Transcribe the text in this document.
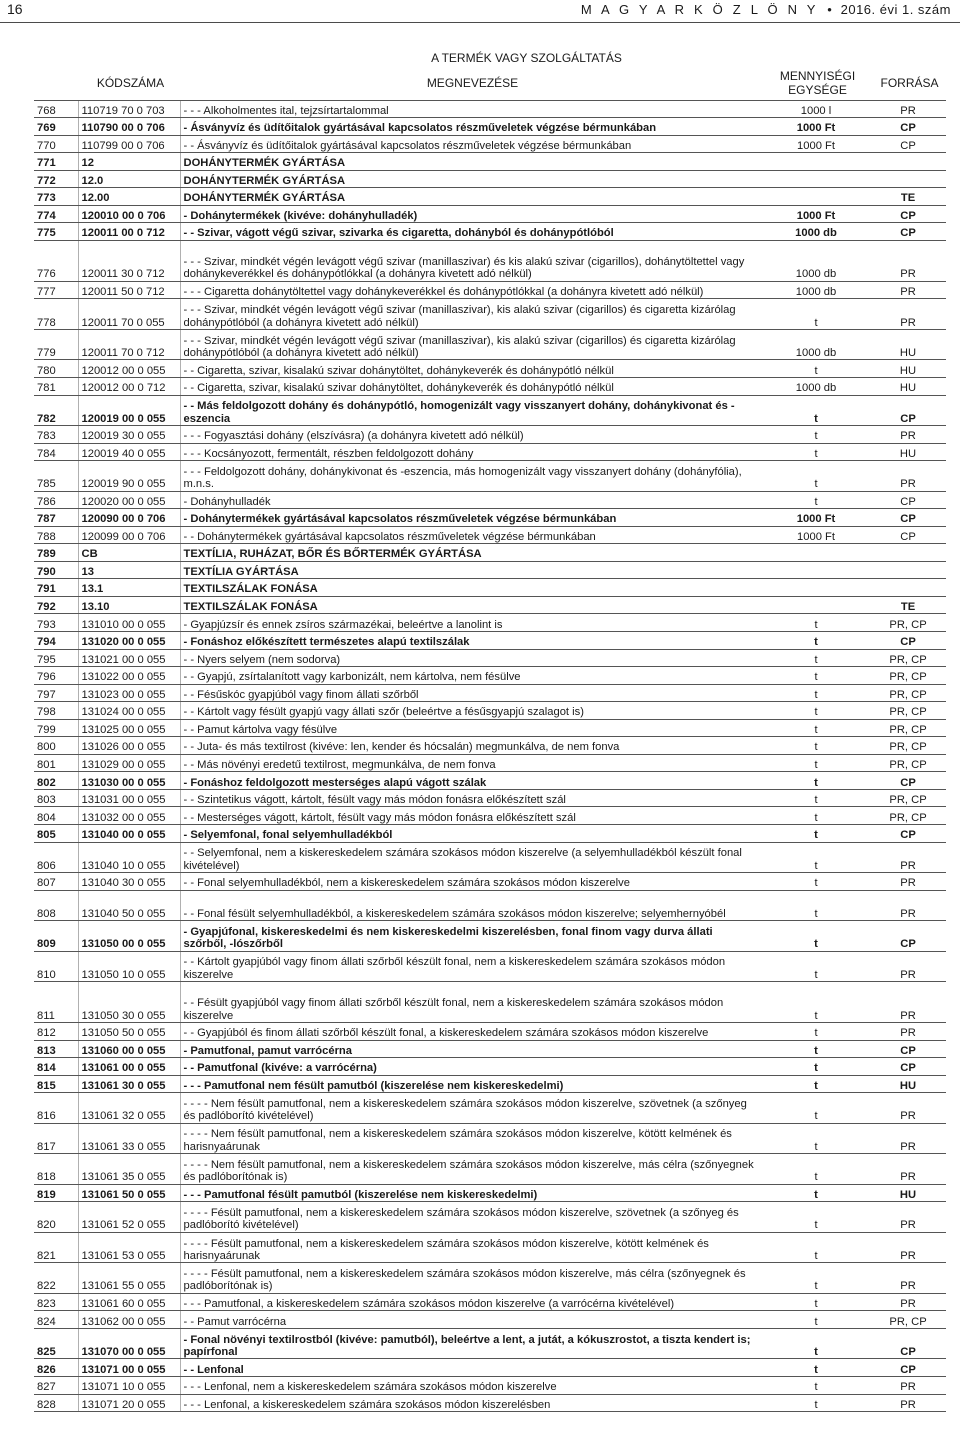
16	M A G Y A R K Ö Z L Ö N Y • 2016. évi 1. szám
		A TERMÉK VAGY SZOLGÁLTATÁS		
	KÓDSZÁMA	MEGNEVEZÉSE	MENNYISÉGI EGYSÉGE	FORRÁSA
768	110719 70 0 703	- - - Alkoholmentes ital, tejzsírtartalommal	1000 l	PR
769	110790 00 0 706	- Ásványvíz és üdítőitalok gyártásával kapcsolatos részműveletek végzése bérmunkában	1000 Ft	CP
770	110799 00 0 706	- - Ásványvíz és üdítőitalok gyártásával kapcsolatos részműveletek végzése bérmunkában	1000 Ft	CP
771	12	DOHÁNYTERMÉK GYÁRTÁSA		
772	12.0	DOHÁNYTERMÉK GYÁRTÁSA		
773	12.00	DOHÁNYTERMÉK GYÁRTÁSA		TE
774	120010 00 0 706	- Dohánytermékek (kivéve: dohányhulladék)	1000 Ft	CP
775	120011 00 0 712	- - Szivar, vágott végű szivar, szivarka és cigaretta, dohányból és dohánypótlóból	1000 db	CP
776	120011 30 0 712	- - - Szivar, mindkét végén levágott végű szivar (manillaszivar) és kis alakú szivar (cigarillos), dohánytöltettel vagy dohánykeverékkel és dohánypótlókkal (a dohányra kivetett adó nélkül)	1000 db	PR
777	120011 50 0 712	- - - Cigaretta dohánytöltettel vagy dohánykeverékkel és dohánypótlókkal (a dohányra kivetett adó nélkül)	1000 db	PR
778	120011 70 0 055	- - - Szivar, mindkét végén levágott végű szivar (manillaszivar), kis alakú szivar (cigarillos) és cigaretta kizárólag dohánypótlóból (a dohányra kivetett adó nélkül)	t	PR
779	120011 70 0 712	- - - Szivar, mindkét végén levágott végű szivar (manillaszivar), kis alakú szivar (cigarillos) és cigaretta kizárólag dohánypótlóból (a dohányra kivetett adó nélkül)	1000 db	HU
780	120012 00 0 055	- - Cigaretta, szivar, kisalakú szivar dohánytöltet, dohánykeverék és dohánypótló nélkül	t	HU
781	120012 00 0 712	- - Cigaretta, szivar, kisalakú szivar dohánytöltet, dohánykeverék és dohánypótló nélkül	1000 db	HU
782	120019 00 0 055	- - Más feldolgozott dohány és dohánypótló, homogenizált vagy visszanyert dohány, dohánykivonat és -eszencia	t	CP
783	120019 30 0 055	- - - Fogyasztási dohány (elszívásra) (a dohányra kivetett adó nélkül)	t	PR
784	120019 40 0 055	- - - Kocsányozott, fermentált, részben feldolgozott dohány	t	HU
785	120019 90 0 055	- - - Feldolgozott dohány, dohánykivonat és -eszencia, más homogenizált vagy visszanyert dohány (dohányfólia), m.n.s.	t	PR
786	120020 00 0 055	- Dohányhulladék	t	CP
787	120090 00 0 706	- Dohánytermékek gyártásával kapcsolatos részműveletek végzése bérmunkában	1000 Ft	CP
788	120099 00 0 706	- - Dohánytermékek gyártásával kapcsolatos részműveletek végzése bérmunkában	1000 Ft	CP
789	CB	TEXTÍLIA, RUHÁZAT, BŐR ÉS BŐRTERMÉK GYÁRTÁSA		
790	13	TEXTÍLIA GYÁRTÁSA		
791	13.1	TEXTILSZÁLAK FONÁSA		
792	13.10	TEXTILSZÁLAK FONÁSA		TE
793	131010 00 0 055	- Gyapjúzsír és ennek zsíros származékai, beleértve a lanolint is	t	PR, CP
794	131020 00 0 055	- Fonáshoz előkészített természetes alapú textilszálak	t	CP
795	131021 00 0 055	- - Nyers selyem (nem sodorva)	t	PR, CP
796	131022 00 0 055	- - Gyapjú, zsírtalanított vagy karbonizált, nem kártolva, nem fésülve	t	PR, CP
797	131023 00 0 055	- - Fésűskóc gyapjúból vagy finom állati szőrből	t	PR, CP
798	131024 00 0 055	- - Kártolt vagy fésült gyapjú vagy állati szőr (beleértve a fésűsgyapjú szalagot is)	t	PR, CP
799	131025 00 0 055	- - Pamut kártolva vagy fésülve	t	PR, CP
800	131026 00 0 055	- - Juta- és más textilrost (kivéve: len, kender és hócsalán) megmunkálva, de nem fonva	t	PR, CP
801	131029 00 0 055	- - Más növényi eredetű textilrost, megmunkálva, de nem fonva	t	PR, CP
802	131030 00 0 055	- Fonáshoz feldolgozott mesterséges alapú vágott szálak	t	CP
803	131031 00 0 055	- - Szintetikus vágott, kártolt, fésült vagy más módon fonásra előkészített szál	t	PR, CP
804	131032 00 0 055	- - Mesterséges vágott, kártolt, fésült vagy más módon fonásra előkészített szál	t	PR, CP
805	131040 00 0 055	- Selyemfonal, fonal selyemhulladékból	t	CP
806	131040 10 0 055	- - Selyemfonal, nem a kiskereskedelem számára szokásos módon kiszerelve (a selyemhulladékból készült fonal kivételével)	t	PR
807	131040 30 0 055	- - Fonal selyemhulladékból, nem a kiskereskedelem számára szokásos módon kiszerelve	t	PR
808	131040 50 0 055	- - Fonal fésült selyemhulladékból, a kiskereskedelem számára szokásos módon kiszerelve; selyemhernyóbél	t	PR
809	131050 00 0 055	- Gyapjúfonal, kiskereskedelmi és nem kiskereskedelmi kiszerelésben, fonal finom vagy durva állati szőrből, -lószőrből	t	CP
810	131050 10 0 055	- - Kártolt gyapjúból vagy finom állati szőrből készült fonal, nem a kiskereskedelem számára szokásos módon kiszerelve	t	PR
811	131050 30 0 055	- - Fésült gyapjúból vagy finom állati szőrből készült fonal, nem a kiskereskedelem számára szokásos módon kiszerelve	t	PR
812	131050 50 0 055	- - Gyapjúból és finom állati szőrből készült fonal, a kiskereskedelem számára szokásos módon kiszerelve	t	PR
813	131060 00 0 055	- Pamutfonal, pamut varrócérna	t	CP
814	131061 00 0 055	- - Pamutfonal (kivéve: a varrócérna)	t	CP
815	131061 30 0 055	- - - Pamutfonal nem fésült pamutból (kiszerelése nem kiskereskedelmi)	t	HU
816	131061 32 0 055	- - - - Nem fésült pamutfonal, nem a kiskereskedelem számára szokásos módon kiszerelve, szövetnek (a szőnyeg és padlóborító kivételével)	t	PR
817	131061 33 0 055	- - - - Nem fésült pamutfonal, nem a kiskereskedelem számára szokásos módon kiszerelve, kötött kelmének és harisnyaárunak	t	PR
818	131061 35 0 055	- - - - Nem fésült pamutfonal, nem a kiskereskedelem számára szokásos módon kiszerelve, más célra (szőnyegnek és padlóborítónak is)	t	PR
819	131061 50 0 055	- - - Pamutfonal fésült pamutból (kiszerelése nem kiskereskedelmi)	t	HU
820	131061 52 0 055	- - - - Fésült pamutfonal, nem a kiskereskedelem számára szokásos módon kiszerelve, szövetnek (a szőnyeg és padlóborító kivételével)	t	PR
821	131061 53 0 055	- - - - Fésült pamutfonal, nem a kiskereskedelem számára szokásos módon kiszerelve, kötött kelmének és harisnyaárunak	t	PR
822	131061 55 0 055	- - - - Fésült pamutfonal, nem a kiskereskedelem számára szokásos módon kiszerelve, más célra (szőnyegnek és padlóborítónak is)	t	PR
823	131061 60 0 055	- - - Pamutfonal, a kiskereskedelem számára szokásos módon kiszerelve (a varrócérna kivételével)	t	PR
824	131062 00 0 055	- - Pamut varrócérna	t	PR, CP
825	131070 00 0 055	- Fonal növényi textilrostból (kivéve: pamutból), beleértve a lent, a jutát, a kókuszrostot, a tiszta kendert is; papírfonal	t	CP
826	131071 00 0 055	- - Lenfonal	t	CP
827	131071 10 0 055	- - - Lenfonal, nem a kiskereskedelem számára szokásos módon kiszerelve	t	PR
828	131071 20 0 055	- - - Lenfonal, a kiskereskedelem számára szokásos módon kiszerelésben	t	PR
